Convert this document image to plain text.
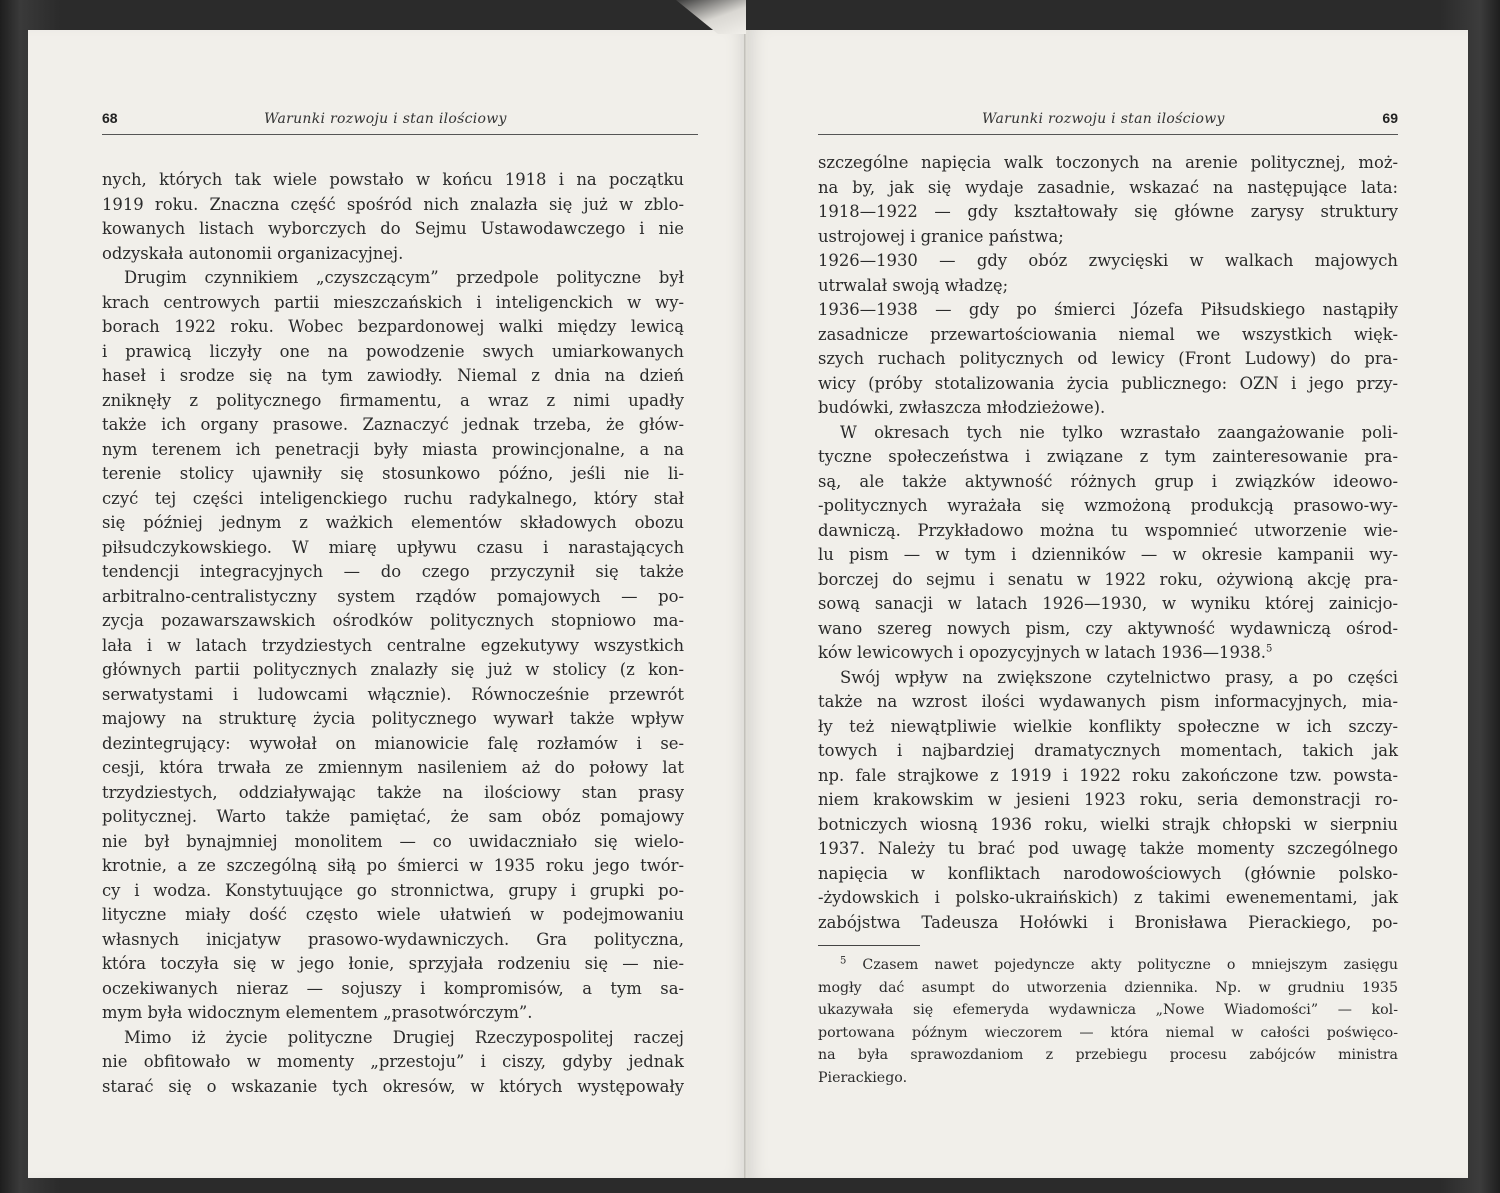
68	Warunki rozwoju i stan ilościowy
nych, których tak wiele powstało w końcu 1918 i na początku
1919 roku. Znaczna część spośród nich znalazła się już w zblo-
kowanych listach wyborczych do Sejmu Ustawodawczego i nie
odzyskała autonomii organizacyjnej.
Drugim czynnikiem „czyszczącym” przedpole polityczne był
krach centrowych partii mieszczańskich i inteligenckich w wy-
borach 1922 roku. Wobec bezpardonowej walki między lewicą
i prawicą liczyły one na powodzenie swych umiarkowanych
haseł i srodze się na tym zawiodły. Niemal z dnia na dzień
zniknęły z politycznego firmamentu, a wraz z nimi upadły
także ich organy prasowe. Zaznaczyć jednak trzeba, że głów-
nym terenem ich penetracji były miasta prowincjonalne, a na
terenie stolicy ujawniły się stosunkowo późno, jeśli nie li-
czyć tej części inteligenckiego ruchu radykalnego, który stał
się później jednym z ważkich elementów składowych obozu
piłsudczykowskiego. W miarę upływu czasu i narastających
tendencji integracyjnych — do czego przyczynił się także
arbitralno-centralistyczny system rządów pomajowych — po-
zycja pozawarszawskich ośrodków politycznych stopniowo ma-
lała i w latach trzydziestych centralne egzekutywy wszystkich
głównych partii politycznych znalazły się już w stolicy (z kon-
serwatystami i ludowcami włącznie). Równocześnie przewrót
majowy na strukturę życia politycznego wywarł także wpływ
dezintegrujący: wywołał on mianowicie falę rozłamów i se-
cesji, która trwała ze zmiennym nasileniem aż do połowy lat
trzydziestych, oddziaływając także na ilościowy stan prasy
politycznej. Warto także pamiętać, że sam obóz pomajowy
nie był bynajmniej monolitem — co uwidaczniało się wielo-
krotnie, a ze szczególną siłą po śmierci w 1935 roku jego twór-
cy i wodza. Konstytuujące go stronnictwa, grupy i grupki po-
lityczne miały dość często wiele ułatwień w podejmowaniu
własnych inicjatyw prasowo-wydawniczych. Gra polityczna,
która toczyła się w jego łonie, sprzyjała rodzeniu się — nie-
oczekiwanych nieraz — sojuszy i kompromisów, a tym sa-
mym była widocznym elementem „prasotwórczym”.
Mimo iż życie polityczne Drugiej Rzeczypospolitej raczej
nie obfitowało w momenty „przestoju” i ciszy, gdyby jednak
starać się o wskazanie tych okresów, w których występowały
Warunki rozwoju i stan ilościowy	69
szczególne napięcia walk toczonych na arenie politycznej, moż-
na by, jak się wydaje zasadnie, wskazać na następujące lata:
1918—1922 — gdy kształtowały się główne zarysy struktury
ustrojowej i granice państwa;
1926—1930 — gdy obóz zwycięski w walkach majowych
utrwalał swoją władzę;
1936—1938 — gdy po śmierci Józefa Piłsudskiego nastąpiły
zasadnicze przewartościowania niemal we wszystkich więk-
szych ruchach politycznych od lewicy (Front Ludowy) do pra-
wicy (próby stotalizowania życia publicznego: OZN i jego przy-
budówki, zwłaszcza młodzieżowe).
W okresach tych nie tylko wzrastało zaangażowanie poli-
tyczne społeczeństwa i związane z tym zainteresowanie pra-
są, ale także aktywność różnych grup i związków ideowo-
-politycznych wyrażała się wzmożoną produkcją prasowo-wy-
dawniczą. Przykładowo można tu wspomnieć utworzenie wie-
lu pism — w tym i dzienników — w okresie kampanii wy-
borczej do sejmu i senatu w 1922 roku, ożywioną akcję pra-
sową sanacji w latach 1926—1930, w wyniku której zainicjo-
wano szereg nowych pism, czy aktywność wydawniczą ośrod-
ków lewicowych i opozycyjnych w latach 1936—1938.$^5$
Swój wpływ na zwiększone czytelnictwo prasy, a po części
także na wzrost ilości wydawanych pism informacyjnych, mia-
ły też niewątpliwie wielkie konflikty społeczne w ich szczy-
towych i najbardziej dramatycznych momentach, takich jak
np. fale strajkowe z 1919 i 1922 roku zakończone tzw. powsta-
niem krakowskim w jesieni 1923 roku, seria demonstracji ro-
botniczych wiosną 1936 roku, wielki strajk chłopski w sierpniu
1937. Należy tu brać pod uwagę także momenty szczególnego
napięcia w konfliktach narodowościowych (głównie polsko-
-żydowskich i polsko-ukraińskich) z takimi ewenementami, jak
zabójstwa Tadeusza Hołówki i Bronisława Pierackiego, po-
$^5$ Czasem nawet pojedyncze akty polityczne o mniejszym zasięgu
mogły dać asumpt do utworzenia dziennika. Np. w grudniu 1935
ukazywała się efemeryda wydawnicza „Nowe Wiadomości” — kol-
portowana późnym wieczorem — która niemal w całości poświęco-
na była sprawozdaniom z przebiegu procesu zabójców ministra
Pierackiego.
